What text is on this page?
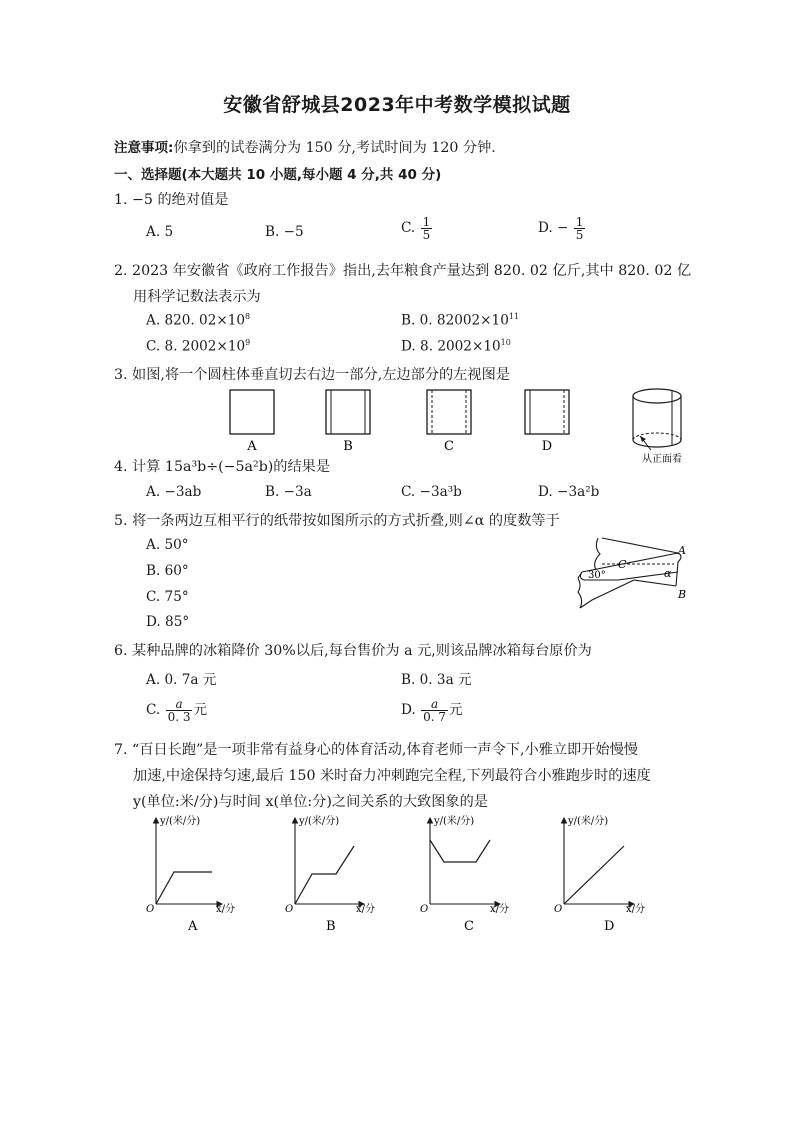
安徽省舒城县2023年中考数学模拟试题
注意事项:你拿到的试卷满分为 150 分,考试时间为 120 分钟.
一、选择题(本大题共 10 小题,每小题 4 分,共 40 分)
1. −5 的绝对值是
A. 5	B. −5	C. $\frac{1}{5}$	D. − $\frac{1}{5}$
2. 2023 年安徽省《政府工作报告》指出,去年粮食产量达到 820. 02 亿斤,其中 820. 02 亿
用科学记数法表示为
A. 820. $02\times 10^8$	B. 0. $82002\times 10^{11}$
C. 8. $2002\times 10^9$	D. 8. $2002\times 10^{10}$
3. 如图,将一个圆柱体垂直切去右边一部分,左边部分的左视图是
A	B	C	D
从正面看
4. 计算 15a³b÷(−5a²b)的结果是
A. −3ab	B. −3a	C. −3a³b	D. −3a²b
5. 将一条两边互相平行的纸带按如图所示的方式折叠,则∠α 的度数等于
A. 50°
B. 60°
C. 75°
D. 85°
30°
C
A
B
α
6. 某种品牌的冰箱降价 30%以后,每台售价为 a 元,则该品牌冰箱每台原价为
A. 0. 7a 元	B. 0. 3a 元
C. $\frac{a}{0. 3}$ 元	D. $\frac{a}{0. 7}$ 元
7. “百日长跑”是一项非常有益身心的体育活动,体育老师一声令下,小雅立即开始慢慢
加速,中途保持匀速,最后 150 米时奋力冲刺跑完全程,下列最符合小雅跑步时的速度
y(单位:米/分)与时间 x(单位:分)之间关系的大致图象的是
y/(米/分)
x/分
O
A
y/(米/分)
x/分
O
B
y/(米/分)
x/分
O
C
y/(米/分)
x/分
O
D
